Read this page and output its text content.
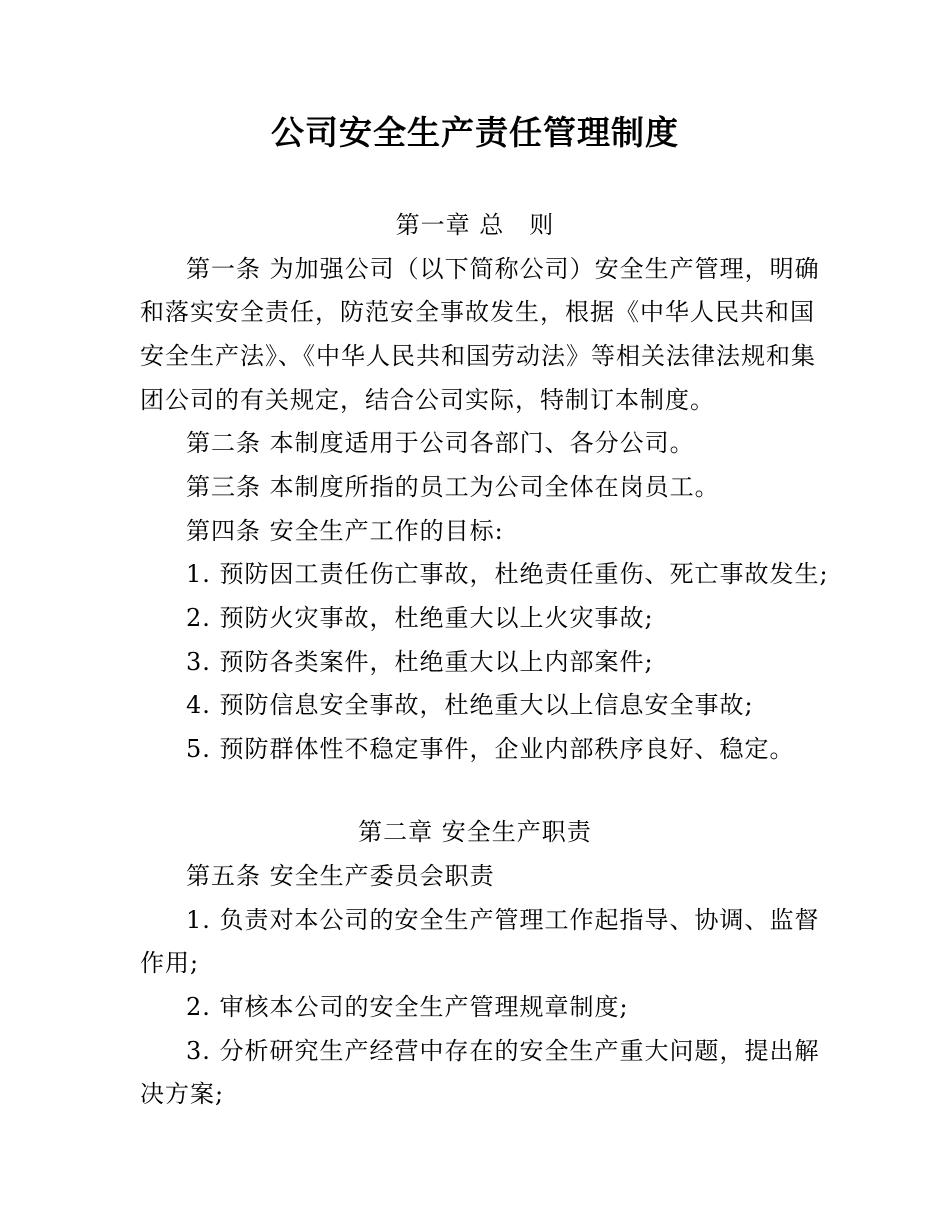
公司安全生产责任管理制度
第一章 总　则
第一条 为加强公司（以下简称公司）安全生产管理，明确
和落实安全责任，防范安全事故发生，根据《中华人民共和国
安全生产法》、《中华人民共和国劳动法》等相关法律法规和集
团公司的有关规定，结合公司实际，特制订本制度。
第二条 本制度适用于公司各部门、各分公司。
第三条 本制度所指的员工为公司全体在岗员工。
第四条 安全生产工作的目标:
1. 预防因工责任伤亡事故，杜绝责任重伤、死亡事故发生;
2. 预防火灾事故，杜绝重大以上火灾事故;
3. 预防各类案件，杜绝重大以上内部案件;
4. 预防信息安全事故，杜绝重大以上信息安全事故;
5. 预防群体性不稳定事件，企业内部秩序良好、稳定。
第二章 安全生产职责
第五条 安全生产委员会职责
1. 负责对本公司的安全生产管理工作起指导、协调、监督
作用;
2. 审核本公司的安全生产管理规章制度;
3. 分析研究生产经营中存在的安全生产重大问题，提出解
决方案;
